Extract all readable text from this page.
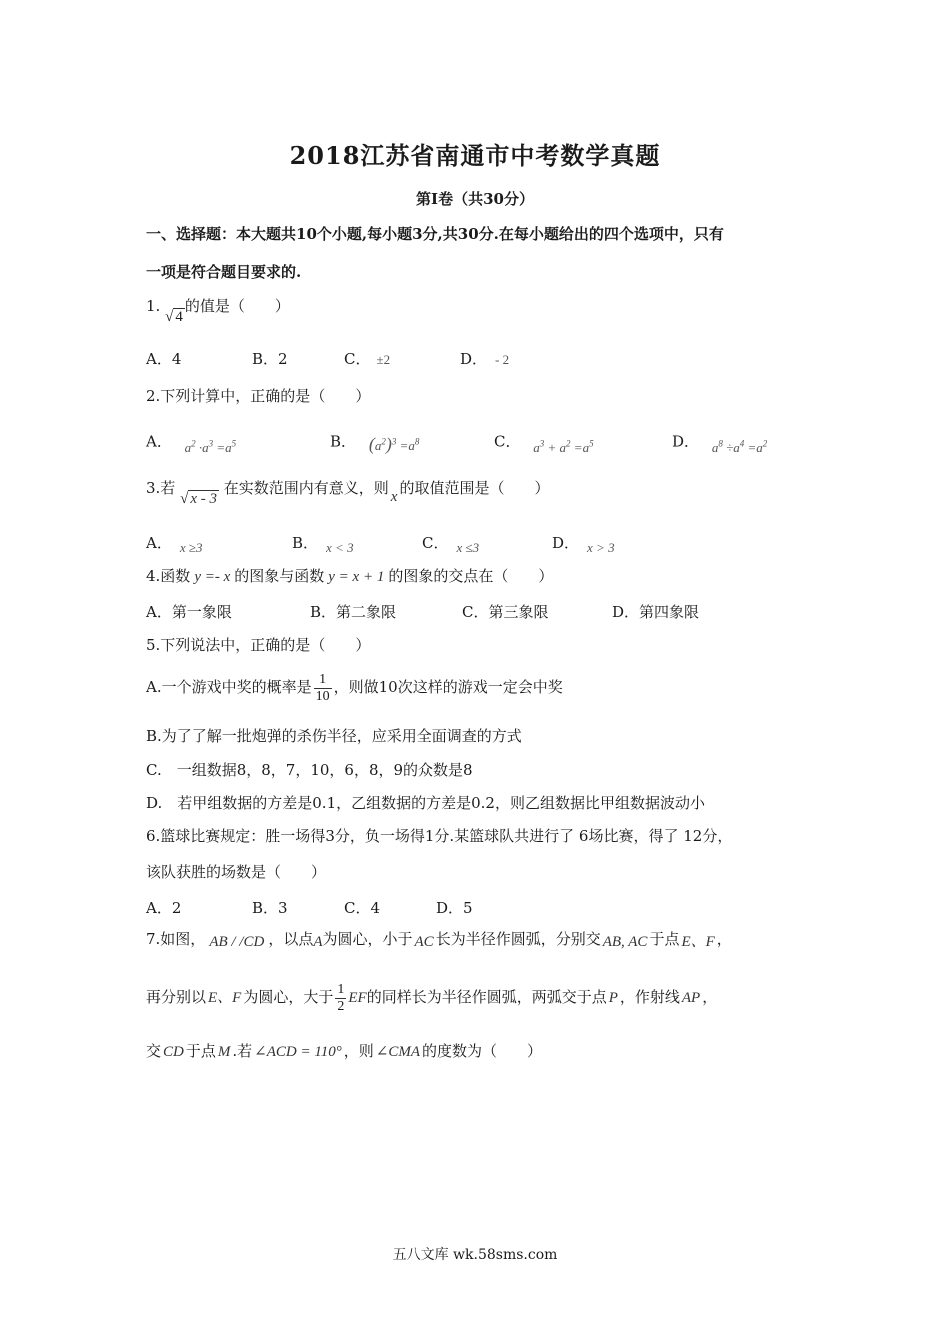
2018江苏省南通市中考数学真题
第Ⅰ卷（共30分）
一、选择题：本大题共10个小题,每小题3分,共30分.在每小题给出的四个选项中，只有
一项是符合题目要求的.
1. √ 4的值是（　　）
A．4	B．2	C． ±2	D． - 2
2.下列计算中，正确的是（　　）
A． $a^2 \cdot a^3 =a^5$	B． $(a^2)^3 =a^8$	C． $a^3 + a^2 =a^5$	D． $a^8 \div a^4 =a^2$
3.若 √ x - 3 在实数范围内有意义，则 x 的取值范围是（　　）
A． x ≥3	B． x < 3	C． x ≤3	D． x > 3
4.函数 y =- x 的图象与函数 y = x + 1 的图象的交点在（　　）
A．第一象限	B．第二象限	C．第三象限	D．第四象限
5.下列说法中，正确的是（　　）
A.一个游戏中奖的概率是 $\frac{1}{10}$ ，则做10次这样的游戏一定会中奖
B.为了了解一批炮弹的杀伤半径，应采用全面调查的方式
C.　一组数据8，8，7，10，6，8，9的众数是8
D.　若甲组数据的方差是0.1，乙组数据的方差是0.2，则乙组数据比甲组数据波动小
6.篮球比赛规定：胜一场得3分，负一场得1分.某篮球队共进行了 6场比赛，得了 12分，
该队获胜的场数是（　　）
A．2	B．3	C．4	D．5
7.如图， AB / /CD ，以点A为圆心，小于 AC 长为半径作圆弧，分别交 AB, AC 于点 E、F ，
再分别以 E、F 为圆心，大于 $\frac{1}{2}$ EF的同样长为半径作圆弧，两弧交于点 P ，作射线 AP ，
交 CD 于点 M .若 ∠ACD = 110° ，则 ∠CMA 的度数为（　　）
五八文库 wk.58sms.com
